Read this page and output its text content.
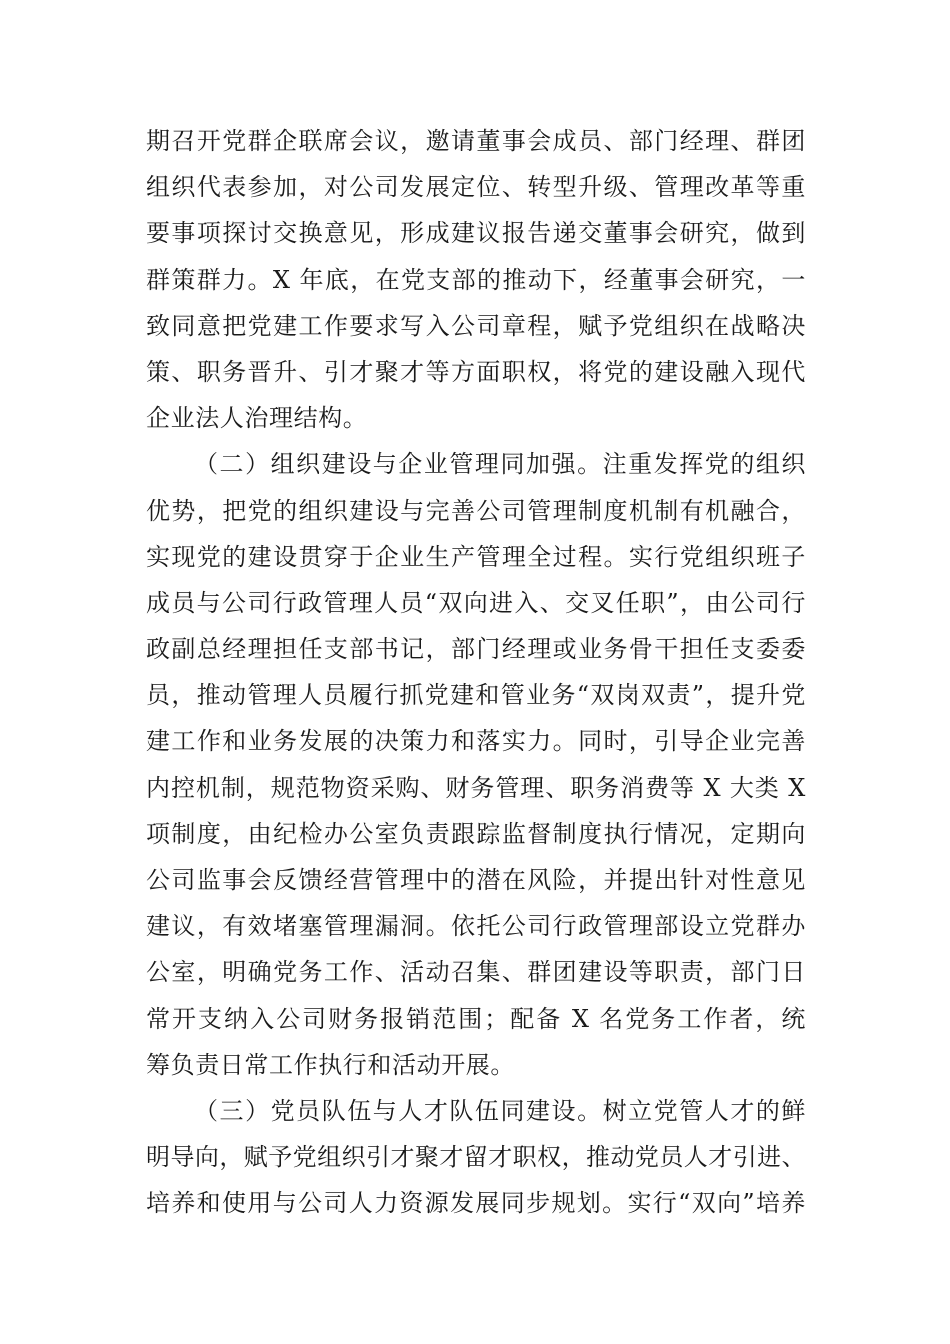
期召开党群企联席会议，邀请董事会成员、部门经理、群团
组织代表参加，对公司发展定位、转型升级、管理改革等重
要事项探讨交换意见，形成建议报告递交董事会研究，做到
群策群力。X 年底，在党支部的推动下，经董事会研究，一
致同意把党建工作要求写入公司章程，赋予党组织在战略决
策、职务晋升、引才聚才等方面职权，将党的建设融入现代
企业法人治理结构。
（二）组织建设与企业管理同加强。注重发挥党的组织
优势，把党的组织建设与完善公司管理制度机制有机融合，
实现党的建设贯穿于企业生产管理全过程。实行党组织班子
成员与公司行政管理人员“双向进入、交叉任职”，由公司行
政副总经理担任支部书记，部门经理或业务骨干担任支委委
员，推动管理人员履行抓党建和管业务“双岗双责”，提升党
建工作和业务发展的决策力和落实力。同时，引导企业完善
内控机制，规范物资采购、财务管理、职务消费等 X 大类 X
项制度，由纪检办公室负责跟踪监督制度执行情况，定期向
公司监事会反馈经营管理中的潜在风险，并提出针对性意见
建议，有效堵塞管理漏洞。依托公司行政管理部设立党群办
公室，明确党务工作、活动召集、群团建设等职责，部门日
常开支纳入公司财务报销范围；配备 X 名党务工作者，统
筹负责日常工作执行和活动开展。
（三）党员队伍与人才队伍同建设。树立党管人才的鲜
明导向，赋予党组织引才聚才留才职权，推动党员人才引进、
培养和使用与公司人力资源发展同步规划。实行“双向”培养
